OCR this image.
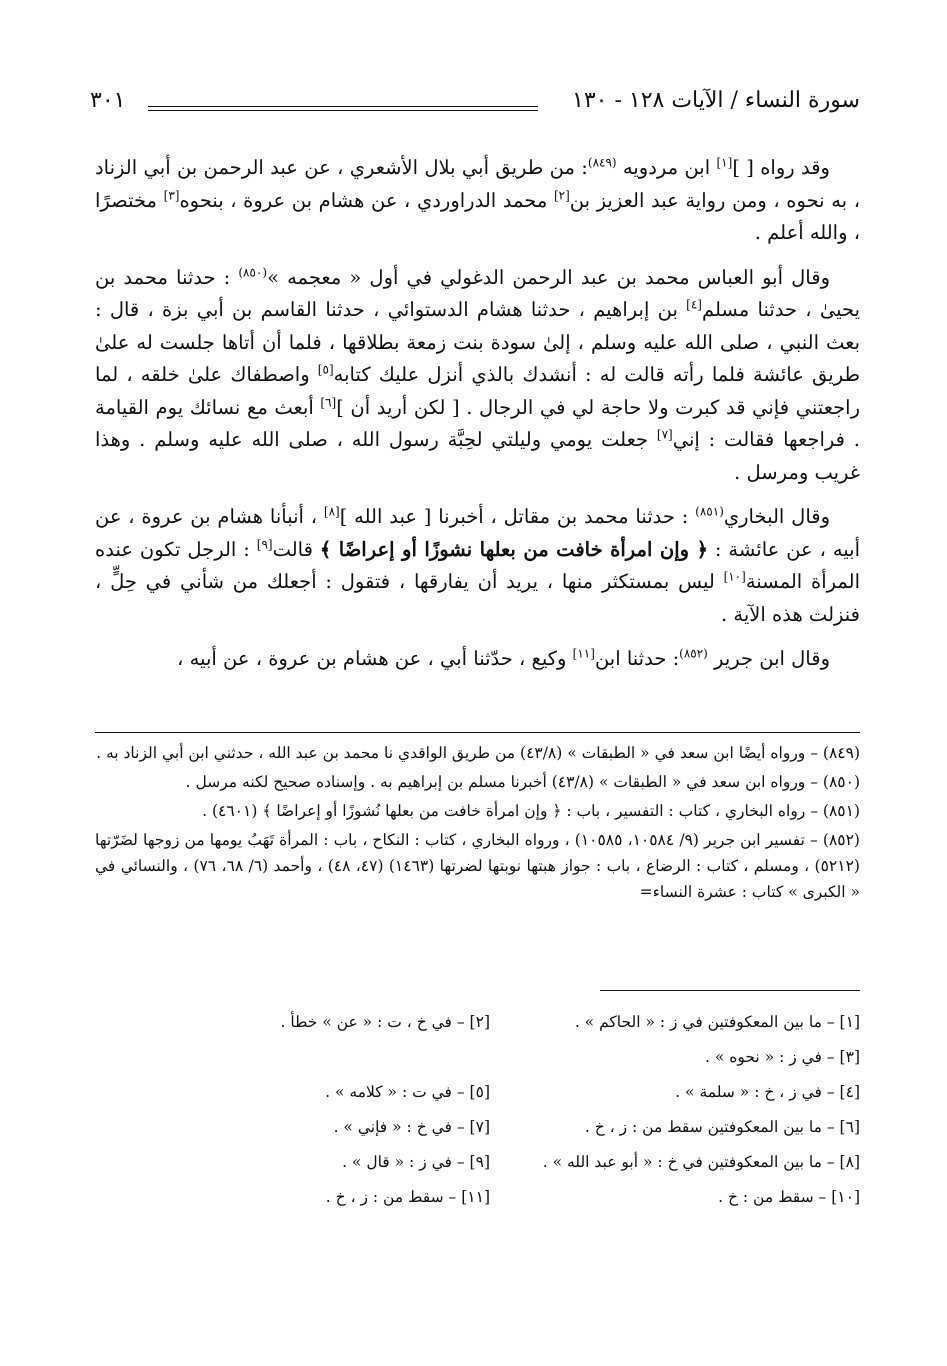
سورة النساء / الآيات ١٢٨ - ١٣٠
٣٠١

وقد رواه [ ][١] ابن مردويه $^{(٨٤٩)}$: من طريق أبي بلال الأشعري ، عن عبد الرحمن بن أبي الزناد ، به نحوه ، ومن رواية عبد العزيز بن[٢] محمد الدراوردي ، عن هشام بن عروة ، بنحوه[٣] مختصرًا ، والله أعلم .

وقال أبو العباس محمد بن عبد الرحمن الدغولي في أول « معجمه »$^{(٨٥٠)}$ : حدثنا محمد بن يحيىٰ ، حدثنا مسلم[٤] بن إبراهيم ، حدثنا هشام الدستوائي ، حدثنا القاسم بن أبي بزة ، قال : بعث النبي ، صلى الله عليه وسلم ، إلىٰ سودة بنت زمعة بطلاقها ، فلما أن أتاها جلست له علىٰ طريق عائشة فلما رأته قالت له : أنشدك بالذي أنزل عليك كتابه[٥] واصطفاك علىٰ خلقه ، لما راجعتني فإني قد كبرت ولا حاجة لي في الرجال . [ لكن أريد أن ][٦] أبعث مع نسائك يوم القيامة . فراجعها فقالت : إني[٧] جعلت يومي وليلتي لحِبَّة رسول الله ، صلى الله عليه وسلم . وهذا غريب ومرسل .

وقال البخاري$^{(٨٥١)}$ : حدثنا محمد بن مقاتل ، أخبرنا [ عبد الله ][٨] ، أنبأنا هشام بن عروة ، عن أبيه ، عن عائشة : ﴿ وإن امرأة خافت من بعلها نشوزًا أو إعراضًا ﴾ قالت[٩] : الرجل تكون عنده المرأة المسنة[١٠] ليس بمستكثر منها ، يريد أن يفارقها ، فتقول : أجعلك من شأني في حِلٍّ ، فنزلت هذه الآية .

وقال ابن جرير $^{(٨٥٢)}$: حدثنا ابن[١١] وكيع ، حدّثنا أبي ، عن هشام بن عروة ، عن أبيه ،

(٨٤٩) – ورواه أيضًا ابن سعد في « الطبقات » (٤٣/٨) من طريق الواقدي نا محمد بن عبد الله ، حدثني ابن أبي الزناد به .
(٨٥٠) – ورواه ابن سعد في « الطبقات » (٤٣/٨) أخبرنا مسلم بن إبراهيم به . وإسناده صحيح لكنه مرسل .
(٨٥١) – رواه البخاري ، كتاب : التفسير ، باب : ﴿ وإن امرأة خافت من بعلها نُشوزًا أو إعراضًا ﴾ (٤٦٠١) .
(٨٥٢) – تفسير ابن جرير (٩/ ١٠٥٨٤، ١٠٥٨٥) ، ورواه البخاري ، كتاب : النكاح ، باب : المرأة تَهَبُ يومها من زوجها لضَرّتها (٥٢١٢) ، ومسلم ، كتاب : الرضاع ، باب : جواز هبتها نوبتها لضرتها (١٤٦٣) (٤٧، ٤٨) ، وأحمد (٦/ ٦٨، ٧٦) ، والنسائي في « الكبرى » كتاب : عشرة النساء=
[١] – ما بين المعكوفتين في ز : « الحاكم » .
[٢] – في خ ، ت : « عن » خطأ .
[٣] – في ز : « نحوه » .
[٤] – في ز ، خ : « سلمة » .
[٥] – في ت : « كلامه » .
[٦] – ما بين المعكوفتين سقط من : ز ، خ .
[٧] – في خ : « فإني » .
[٨] – ما بين المعكوفتين في خ : « أبو عبد الله » .
[٩] – في ز : « قال » .
[١٠] – سقط من : خ .
[١١] – سقط من : ز ، خ .
